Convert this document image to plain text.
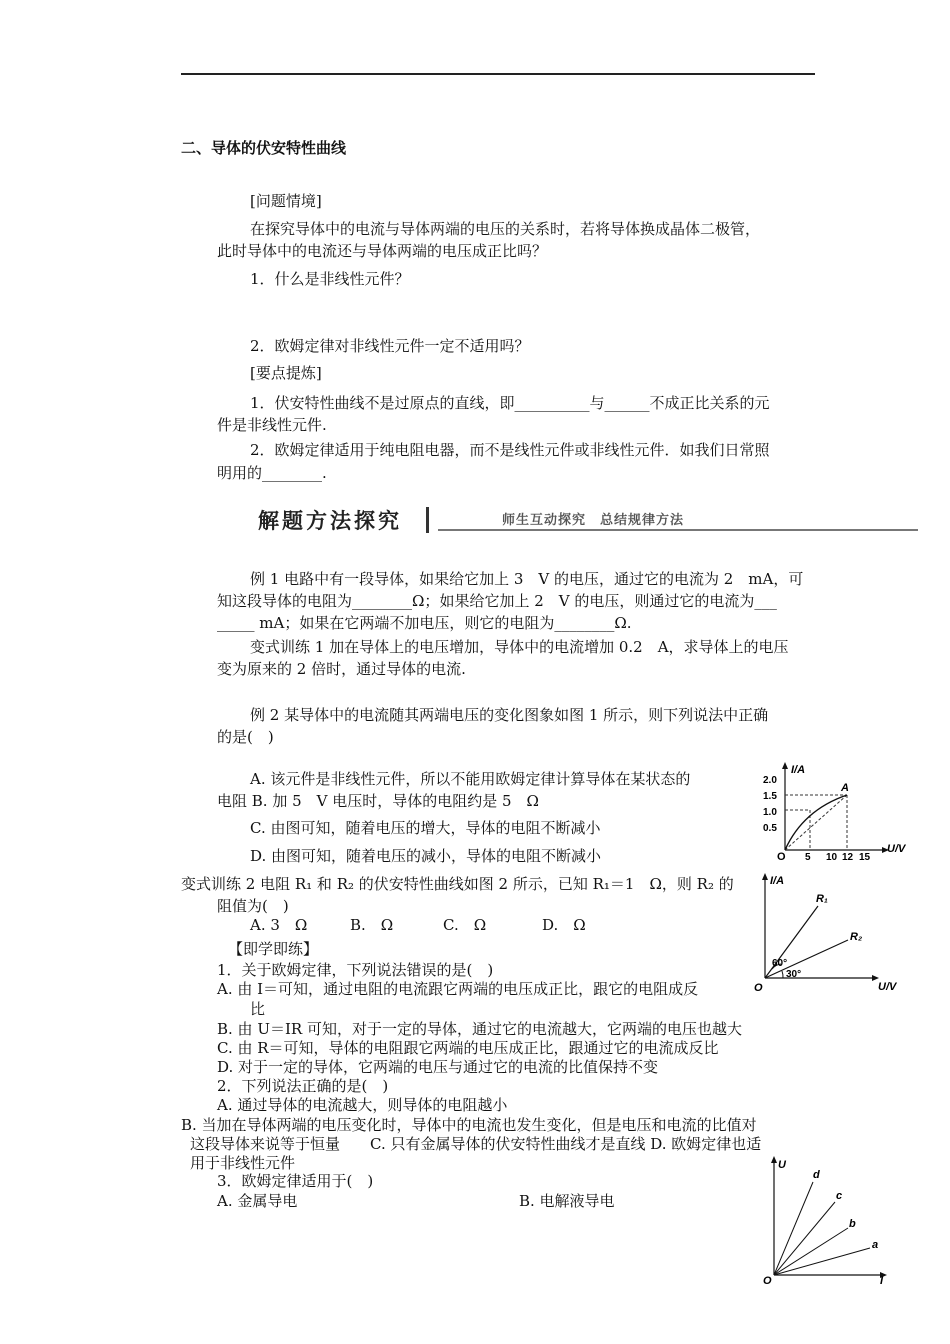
二、导体的伏安特性曲线
[问题情境]
在探究导体中的电流与导体两端的电压的关系时，若将导体换成晶体二极管，
此时导体中的电流还与导体两端的电压成正比吗？
1．什么是非线性元件？
2．欧姆定律对非线性元件一定不适用吗？
[要点提炼]
1．伏安特性曲线不是过原点的直线，即__________与______不成正比关系的元
件是非线性元件.
2．欧姆定律适用于纯电阻电器，而不是线性元件或非线性元件．如我们日常照
明用的________.
解题方法探究	师生互动探究　总结规律方法
例 1 电路中有一段导体，如果给它加上 3　V 的电压，通过它的电流为 2　mA，可
知这段导体的电阻为________Ω；如果给它加上 2　V 的电压，则通过它的电流为___
_____ mA；如果在它两端不加电压，则它的电阻为________Ω.
变式训练 1 加在导体上的电压增加，导体中的电流增加 0.2　A，求导体上的电压
变为原来的 2 倍时，通过导体的电流.
例 2 某导体中的电流随其两端电压的变化图象如图 1 所示，则下列说法中正确
的是(　)
A. 该元件是非线性元件，所以不能用欧姆定律计算导体在某状态的
电阻 B. 加 5　V 电压时，导体的电阻约是 5　Ω
C. 由图可知，随着电压的增大，导体的电阻不断减小
D. 由图可知，随着电压的减小，导体的电阻不断减小
I/A
U/V
O
2.0
1.5
1.0
0.5
5 10 12 15
A
变式训练 2 电阻 R₁ 和 R₂ 的伏安特性曲线如图 2 所示，已知 R₁＝1　Ω，则 R₂ 的
阻值为(　)
A. 3　Ω	B.　Ω	C.　Ω	D.　Ω
I/A
U/V
O
R₁
R₂
60°
30°
【即学即练】
1．关于欧姆定律，下列说法错误的是(　)
A. 由 I＝可知，通过电阻的电流跟它两端的电压成正比，跟它的电阻成反
比
B. 由 U＝IR 可知，对于一定的导体，通过它的电流越大，它两端的电压也越大
C. 由 R＝可知，导体的电阻跟它两端的电压成正比，跟通过它的电流成反比
D. 对于一定的导体，它两端的电压与通过它的电流的比值保持不变
2．下列说法正确的是(　)
A. 通过导体的电流越大，则导体的电阻越小
B. 当加在导体两端的电压变化时，导体中的电流也发生变化，但是电压和电流的比值对
这段导体来说等于恒量　　C. 只有金属导体的伏安特性曲线才是直线 D. 欧姆定律也适
用于非线性元件
3．欧姆定律适用于(　)
A. 金属导电	B. 电解液导电
U
I
O
d
c
b
a
